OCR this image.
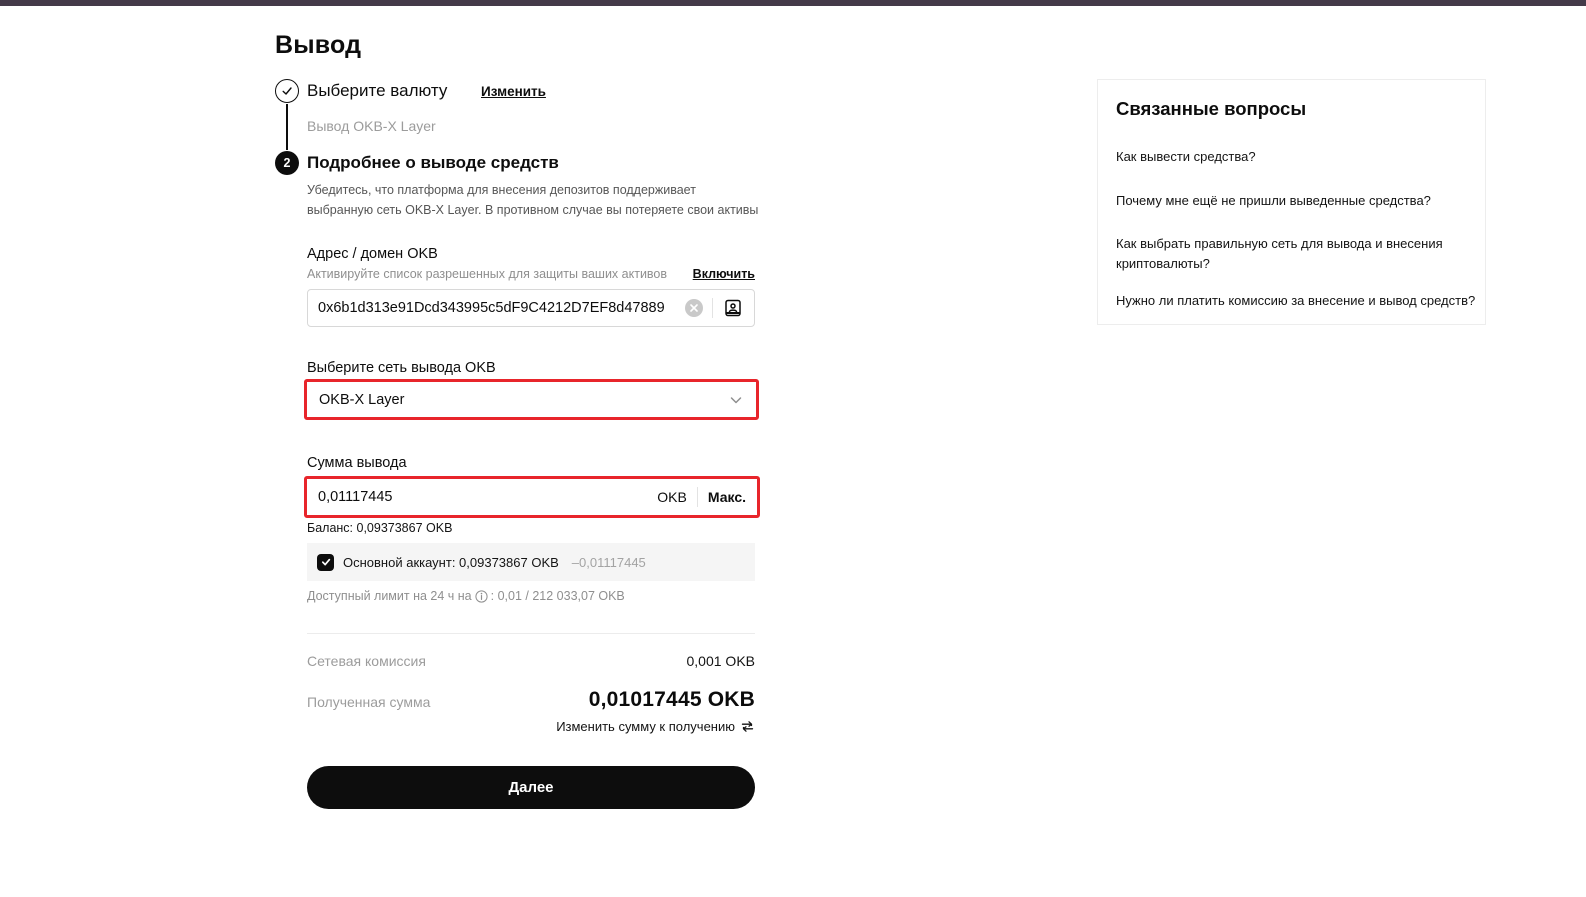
Вывод
Выберите валюту Изменить
Вывод OKB-X Layer
2 Подробнее о выводе средств
Убедитесь, что платформа для внесения депозитов поддерживает выбранную сеть OKB-X Layer. В противном случае вы потеряете свои активы
Адрес / домен OKB
Активируйте список разрешенных для защиты ваших активов Включить
0x6b1d313e91Dcd343995c5dF9C4212D7EF8d47889
Выберите сеть вывода OKB
OKB-X Layer
Сумма вывода
0,01117445
OKB Макс.
Баланс: 0,09373867 OKB
Основной аккаунт: 0,09373867 OKB –0,01117445
Доступный лимит на 24 ч на : 0,01 / 212 033,07 OKB
Сетевая комиссия	0,001 OKB
Полученная сумма	0,01017445 OKB
Изменить сумму к получению
Далее
Связанные вопросы
Как вывести средства?
Почему мне ещё не пришли выведенные средства?
Как выбрать правильную сеть для вывода и внесения криптовалюты?
Нужно ли платить комиссию за внесение и вывод средств?
